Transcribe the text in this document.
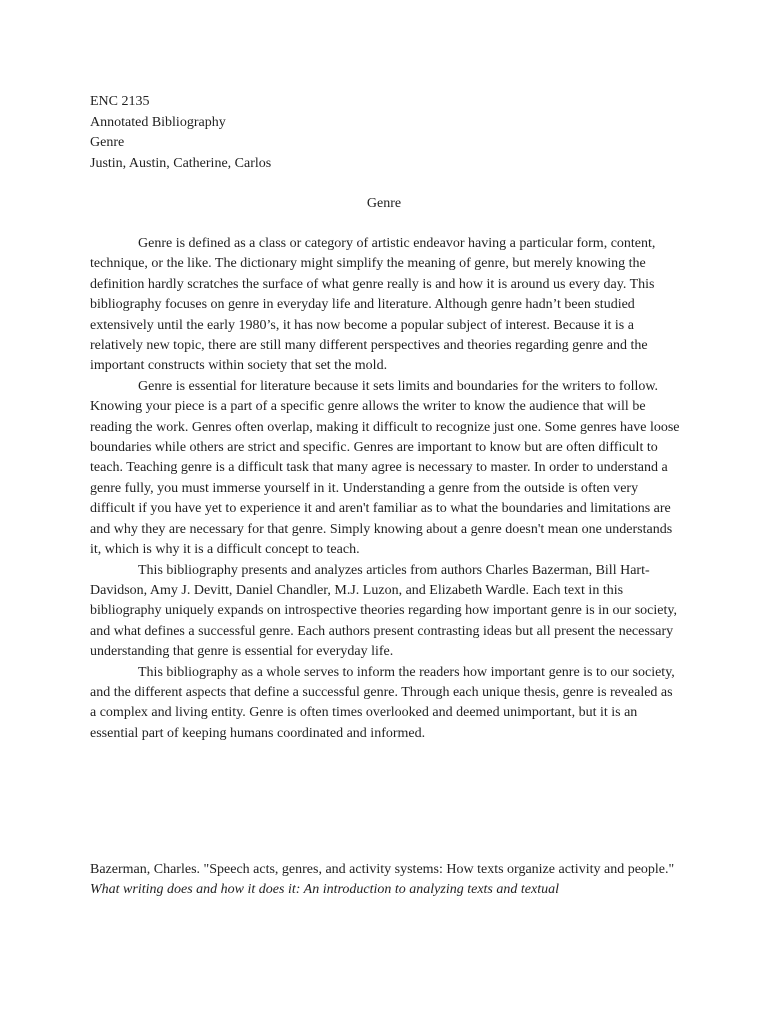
ENC 2135
Annotated Bibliography
Genre
Justin, Austin, Catherine, Carlos
Genre

Genre is defined as a class or category of artistic endeavor having a particular form, content, technique, or the like. The dictionary might simplify the meaning of genre, but merely knowing the definition hardly scratches the surface of what genre really is and how it is around us every day. This bibliography focuses on genre in everyday life and literature. Although genre hadn’t been studied extensively until the early 1980’s, it has now become a popular subject of interest. Because it is a relatively new topic, there are still many different perspectives and theories regarding genre and the important constructs within society that set the mold.

Genre is essential for literature because it sets limits and boundaries for the writers to follow. Knowing your piece is a part of a specific genre allows the writer to know the audience that will be reading the work. Genres often overlap, making it difficult to recognize just one. Some genres have loose boundaries while others are strict and specific. Genres are important to know but are often difficult to teach. Teaching genre is a difficult task that many agree is necessary to master. In order to understand a genre fully, you must immerse yourself in it. Understanding a genre from the outside is often very difficult if you have yet to experience it and aren't familiar as to what the boundaries and limitations are and why they are necessary for that genre. Simply knowing about a genre doesn't mean one understands it, which is why it is a difficult concept to teach.

This bibliography presents and analyzes articles from authors Charles Bazerman, Bill Hart-Davidson, Amy J. Devitt, Daniel Chandler, M.J. Luzon, and Elizabeth Wardle. Each text in this bibliography uniquely expands on introspective theories regarding how important genre is in our society, and what defines a successful genre. Each authors present contrasting ideas but all present the necessary understanding that genre is essential for everyday life.

This bibliography as a whole serves to inform the readers how important genre is to our society, and the different aspects that define a successful genre. Through each unique thesis, genre is revealed as a complex and living entity. Genre is often times overlooked and deemed unimportant, but it is an essential part of keeping humans coordinated and informed.

Bazerman, Charles. "Speech acts, genres, and activity systems: How texts organize activity and people." What writing does and how it does it: An introduction to analyzing texts and textual
